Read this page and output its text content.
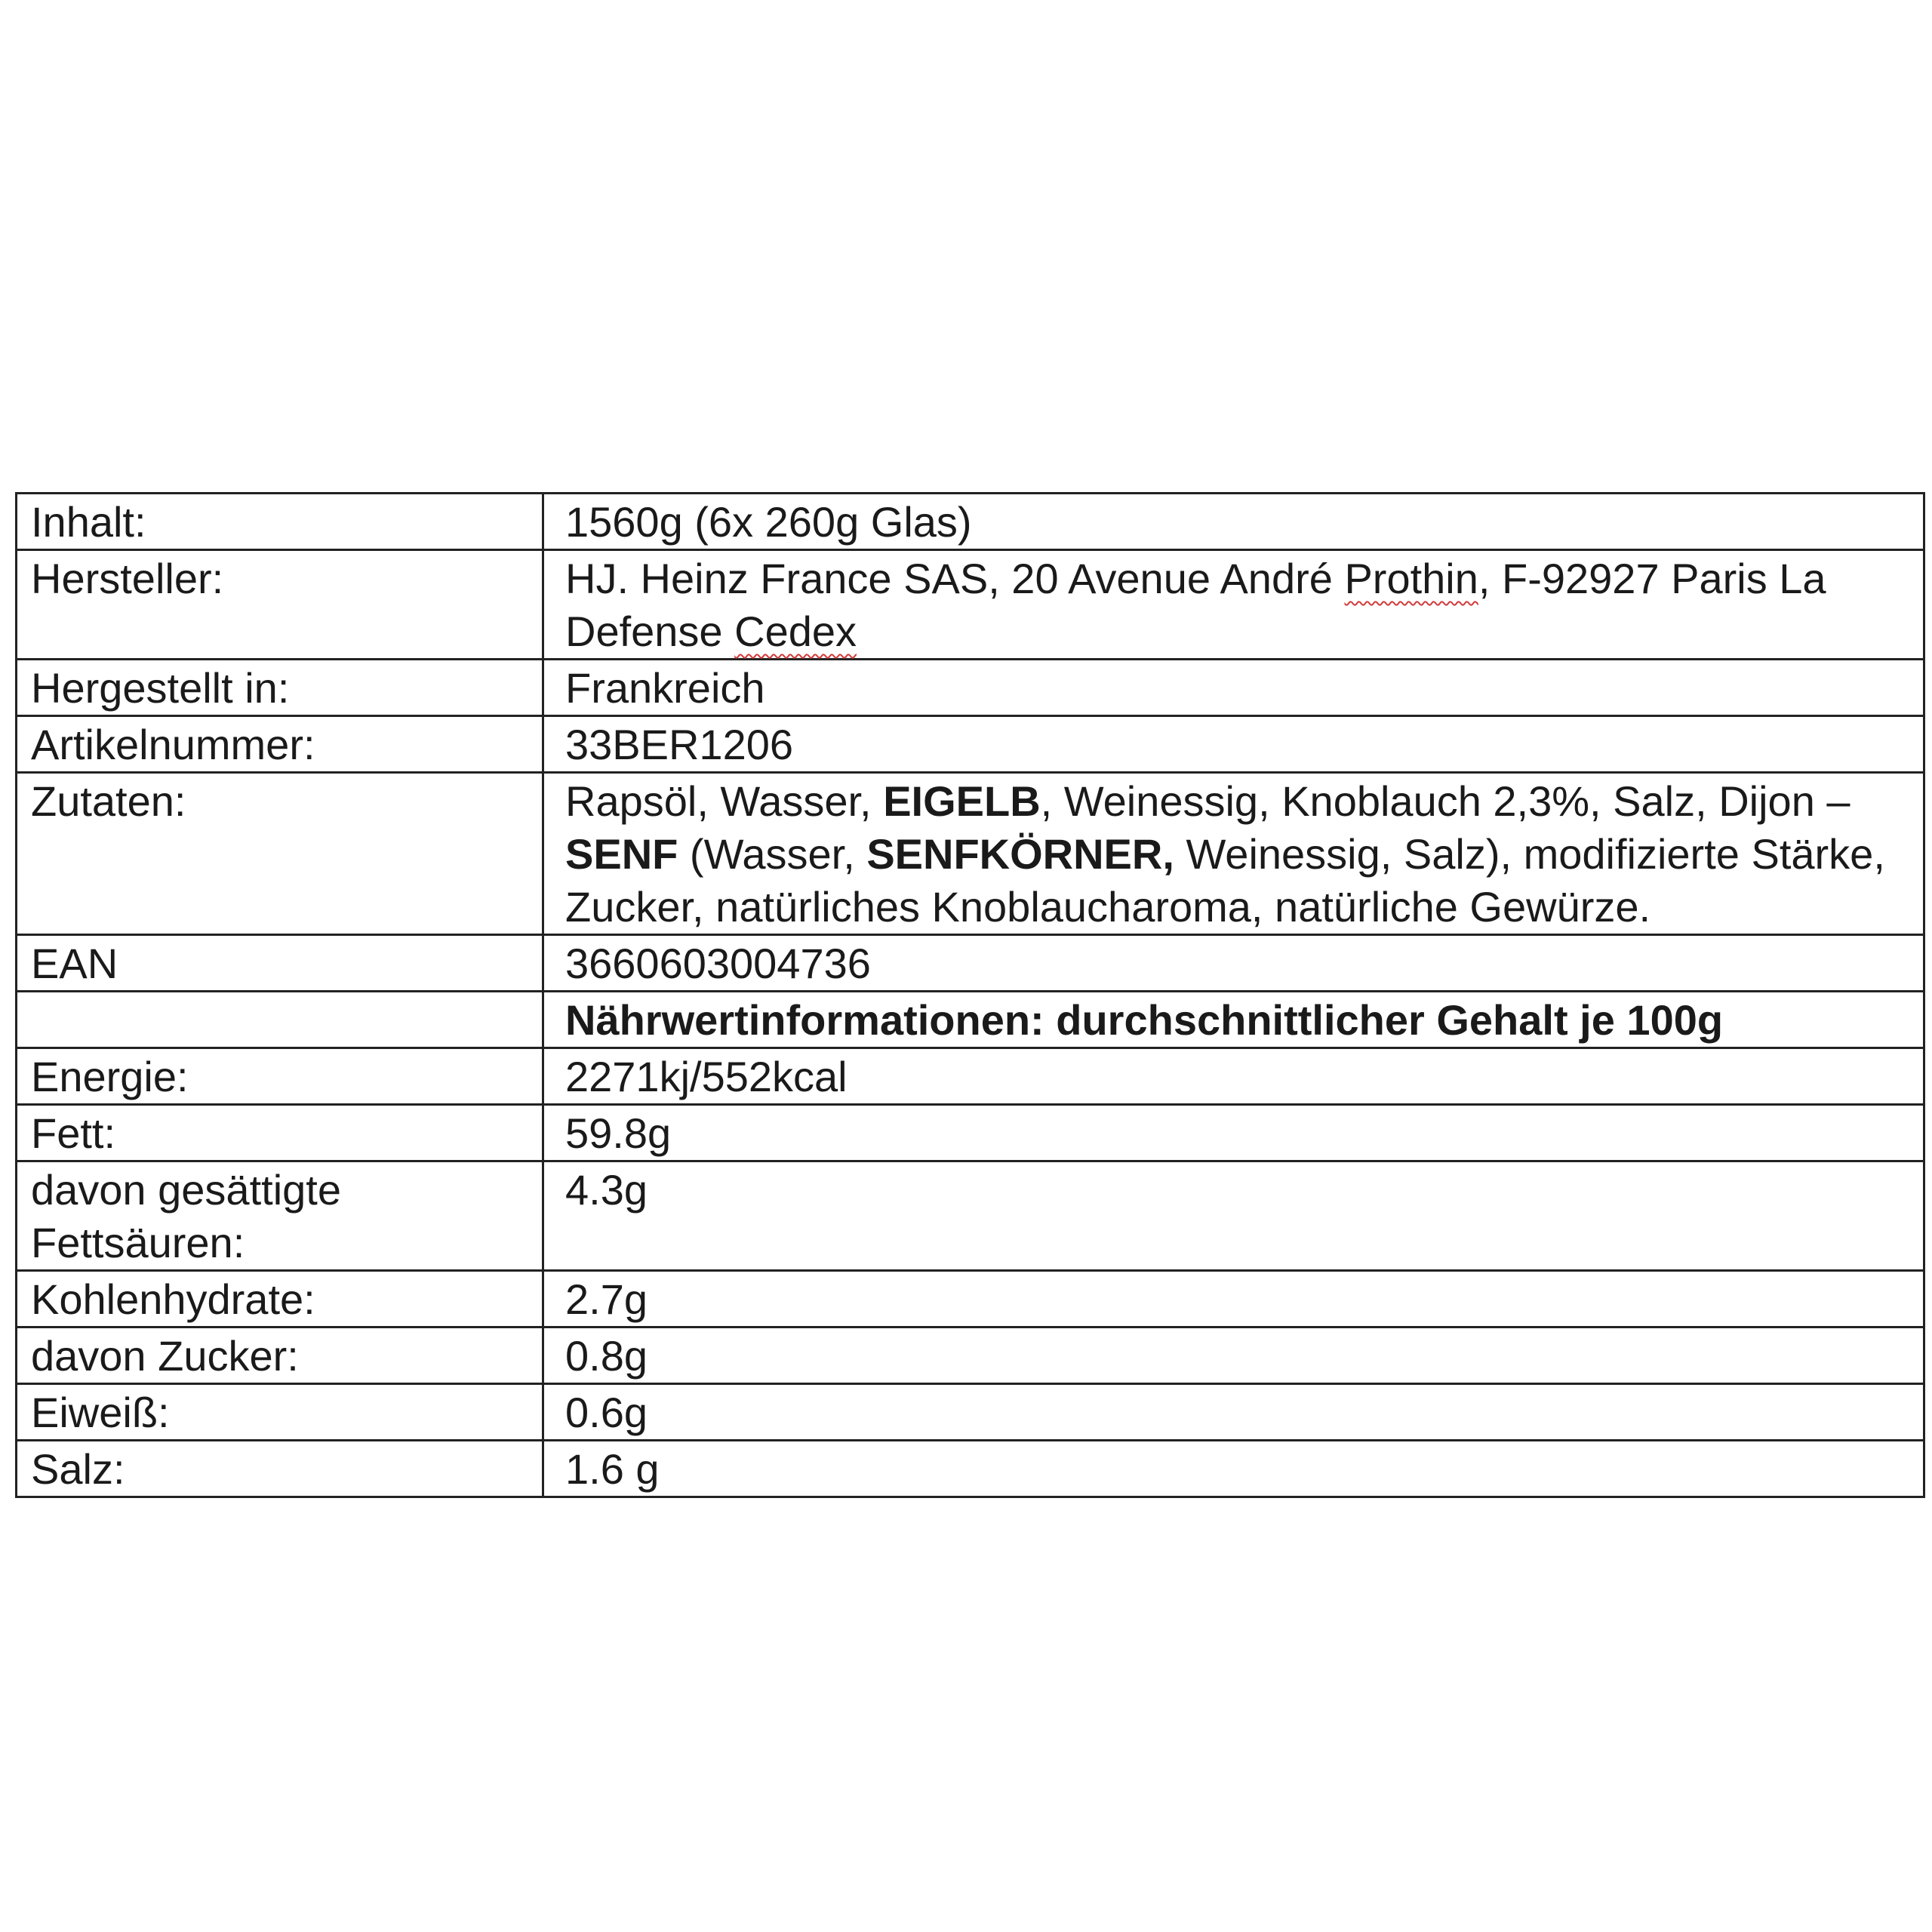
Inhalt:	1560g (6x 260g Glas)
Hersteller:	HJ. Heinz France SAS, 20 Avenue André Prothin, F-92927 Paris La Defense Cedex
Hergestellt in:	Frankreich
Artikelnummer:	33BER1206
Zutaten:	Rapsöl, Wasser, EIGELB, Weinessig, Knoblauch 2,3%, Salz, Dijon – SENF (Wasser, SENFKÖRNER, Weinessig, Salz), modifizierte Stärke, Zucker, natürliches Knoblaucharoma, natürliche Gewürze.
EAN	3660603004736
	Nährwertinformationen: durchschnittlicher Gehalt je 100g
Energie:	2271kj/552kcal
Fett:	59.8g
davon gesättigte Fettsäuren:	4.3g
Kohlenhydrate:	2.7g
davon Zucker:	0.8g
Eiweiß:	0.6g
Salz:	1.6 g
